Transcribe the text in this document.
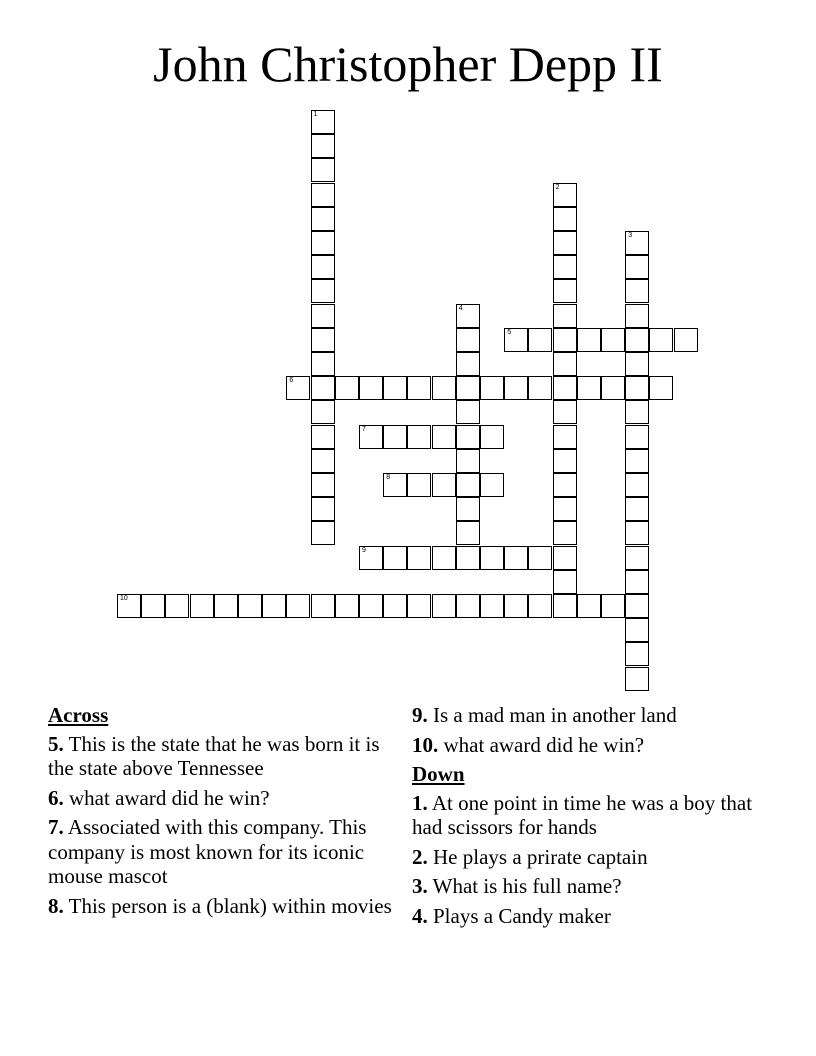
John Christopher Depp II
1
2
3
4
5
6
7
8
9
10
Across
5. This is the state that he was born it is the state above Tennessee
6. what award did he win?
7. Associated with this company. This company is most known for its iconic mouse mascot
8. This person is a (blank) within movies
9. Is a mad man in another land
10. what award did he win?
Down
1. At one point in time he was a boy that had scissors for hands
2. He plays a prirate captain
3. What is his full name?
4. Plays a Candy maker
